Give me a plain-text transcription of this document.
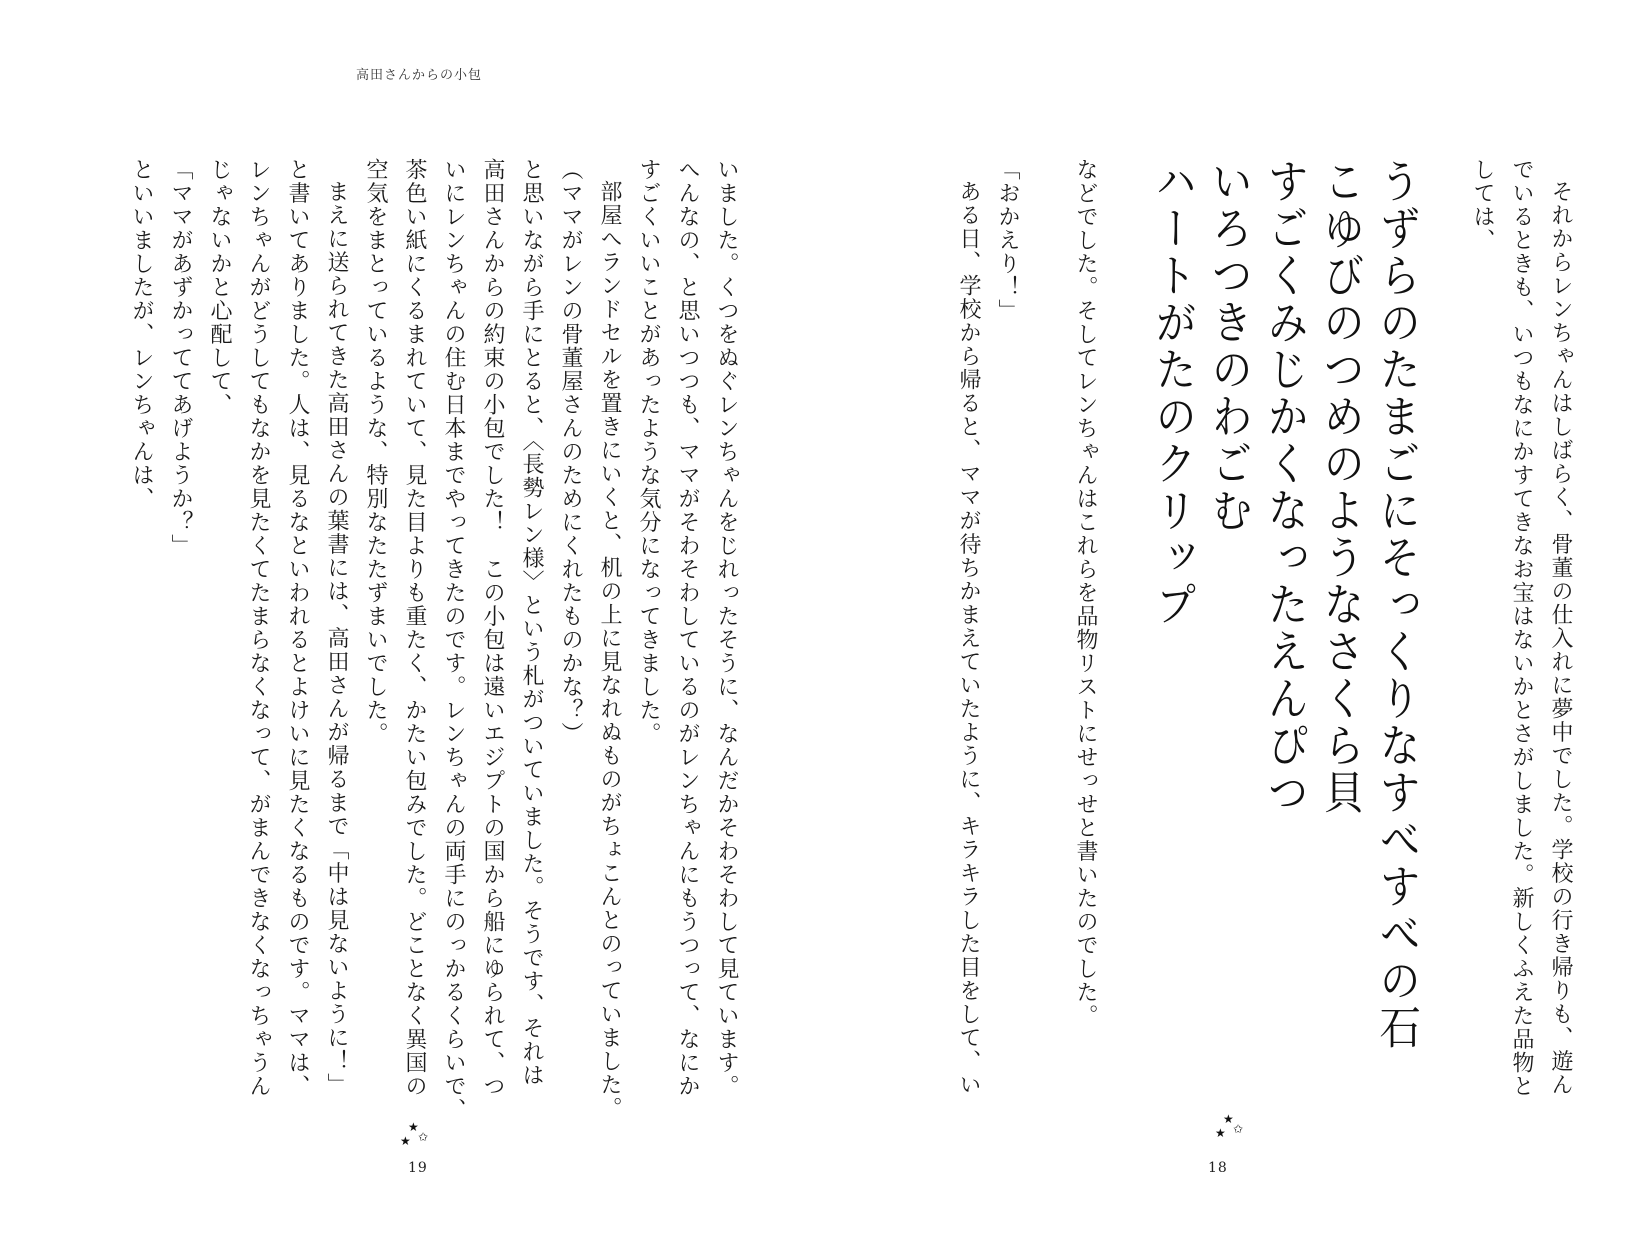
高田さんからの小包

いました。くつをぬぐレンちゃんをじれったそうに、なんだかそわそわして見ています。

へんなの、と思いつつも、ママがそわそわしているのがレンちゃんにもうつって、なにか

すごくいいことがあったような気分になってきました。

部屋へランドセルを置きにいくと、机の上に見なれぬものがちょこんとのっていました。

（ママがレンの骨董屋さんのためにくれたものかな？）

と思いながら手にとると、〈長勢レン様〉という札がついていました。そうです、それは

高田さんからの約束の小包でした！　この小包は遠いエジプトの国から船にゆられて、つ

いにレンちゃんの住む日本までやってきたのです。レンちゃんの両手にのっかるくらいで、

茶色い紙にくるまれていて、見た目よりも重たく、かたい包みでした。どことなく異国の

空気をまとっているような、特別なたたずまいでした。

まえに送られてきた高田さんの葉書には、高田さんが帰るまで「中は見ないように！」

と書いてありました。人は、見るなといわれるとよけいに見たくなるものです。ママは、

レンちゃんがどうしてもなかを見たくてたまらなくなって、がまんできなくなっちゃうん

じゃないかと心配して、

「ママがあずかっててあげようか？」

といいましたが、レンちゃんは、

★
★ ✩
19

それからレンちゃんはしばらく、骨董の仕入れに夢中でした。学校の行き帰りも、遊ん

でいるときも、いつもなにかすてきなお宝はないかとさがしました。新しくふえた品物と

しては、

うずらのたまごにそっくりなすべすべの石

こゆびのつめのようなさくら貝

すごくみじかくなったえんぴつ

いろつきのわごむ

ハートがたのクリップ

などでした。そしてレンちゃんはこれらを品物リストにせっせと書いたのでした。

「おかえり！」

ある日、学校から帰ると、ママが待ちかまえていたように、キラキラした目をして、い

★
★ ✩
18
